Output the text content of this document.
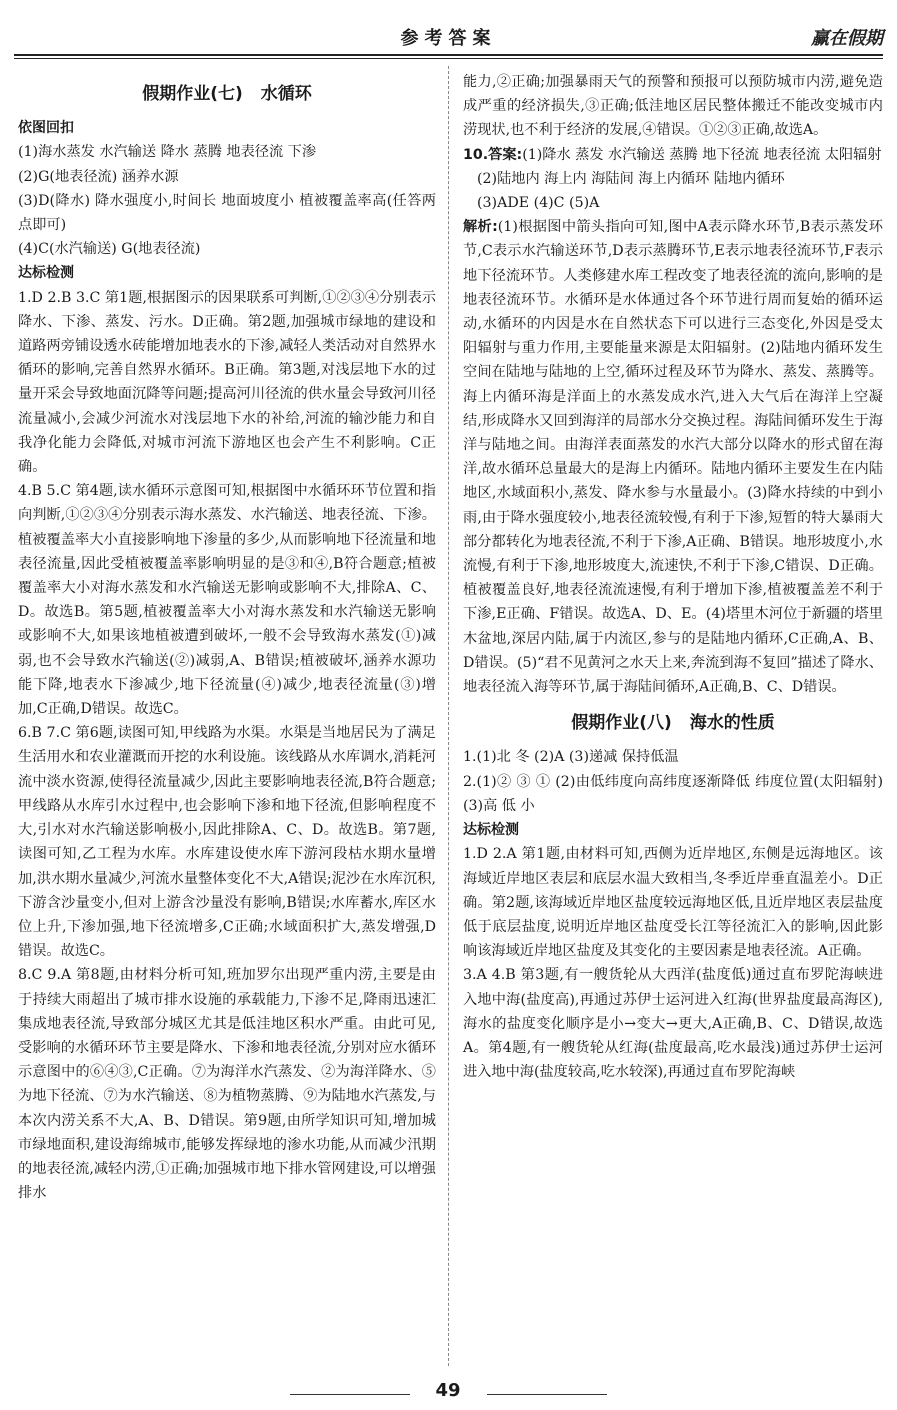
参考答案	赢在假期
假期作业(七) 水循环
依图回扣
(1)海水蒸发 水汽输送 降水 蒸腾 地表径流 下渗
(2)G(地表径流) 涵养水源
(3)D(降水) 降水强度小,时间长 地面坡度小 植被覆盖率高(任答两点即可)
(4)C(水汽输送) G(地表径流)
达标检测
1.D 2.B 3.C 第1题,根据图示的因果联系可判断,①②③④分别表示降水、下渗、蒸发、污水。D正确。第2题,加强城市绿地的建设和道路两旁铺设透水砖能增加地表水的下渗,减轻人类活动对自然界水循环的影响,完善自然界水循环。B正确。第3题,对浅层地下水的过量开采会导致地面沉降等问题;提高河川径流的供水量会导致河川径流量减小,会减少河流水对浅层地下水的补给,河流的输沙能力和自我净化能力会降低,对城市河流下游地区也会产生不利影响。C正确。
4.B 5.C 第4题,读水循环示意图可知,根据图中水循环环节位置和指向判断,①②③④分别表示海水蒸发、水汽输送、地表径流、下渗。植被覆盖率大小直接影响地下渗量的多少,从而影响地下径流量和地表径流量,因此受植被覆盖率影响明显的是③和④,B符合题意;植被覆盖率大小对海水蒸发和水汽输送无影响或影响不大,排除A、C、D。故选B。第5题,植被覆盖率大小对海水蒸发和水汽输送无影响或影响不大,如果该地植被遭到破坏,一般不会导致海水蒸发(①)减弱,也不会导致水汽输送(②)减弱,A、B错误;植被破坏,涵养水源功能下降,地表水下渗减少,地下径流量(④)减少,地表径流量(③)增加,C正确,D错误。故选C。
6.B 7.C 第6题,读图可知,甲线路为水渠。水渠是当地居民为了满足生活用水和农业灌溉而开挖的水利设施。该线路从水库调水,消耗河流中淡水资源,使得径流量减少,因此主要影响地表径流,B符合题意;甲线路从水库引水过程中,也会影响下渗和地下径流,但影响程度不大,引水对水汽输送影响极小,因此排除A、C、D。故选B。第7题,读图可知,乙工程为水库。水库建设使水库下游河段枯水期水量增加,洪水期水量减少,河流水量整体变化不大,A错误;泥沙在水库沉积,下游含沙量变小,但对上游含沙量没有影响,B错误;水库蓄水,库区水位上升,下渗加强,地下径流增多,C正确;水域面积扩大,蒸发增强,D错误。故选C。
8.C 9.A 第8题,由材料分析可知,班加罗尔出现严重内涝,主要是由于持续大雨超出了城市排水设施的承载能力,下渗不足,降雨迅速汇集成地表径流,导致部分城区尤其是低洼地区积水严重。由此可见,受影响的水循环环节主要是降水、下渗和地表径流,分别对应水循环示意图中的⑥④③,C正确。⑦为海洋水汽蒸发、②为海洋降水、⑤为地下径流、⑦为水汽输送、⑧为植物蒸腾、⑨为陆地水汽蒸发,与本次内涝关系不大,A、B、D错误。第9题,由所学知识可知,增加城市绿地面积,建设海绵城市,能够发挥绿地的渗水功能,从而减少汛期的地表径流,减轻内涝,①正确;加强城市地下排水管网建设,可以增强排水
能力,②正确;加强暴雨天气的预警和预报可以预防城市内涝,避免造成严重的经济损失,③正确;低洼地区居民整体搬迁不能改变城市内涝现状,也不利于经济的发展,④错误。①②③正确,故选A。
10.答案:(1)降水 蒸发 水汽输送 蒸腾 地下径流 地表径流 太阳辐射
(2)陆地内 海上内 海陆间 海上内循环 陆地内循环
(3)ADE (4)C (5)A
解析:(1)根据图中箭头指向可知,图中A表示降水环节,B表示蒸发环节,C表示水汽输送环节,D表示蒸腾环节,E表示地表径流环节,F表示地下径流环节。人类修建水库工程改变了地表径流的流向,影响的是地表径流环节。水循环是水体通过各个环节进行周而复始的循环运动,水循环的内因是水在自然状态下可以进行三态变化,外因是受太阳辐射与重力作用,主要能量来源是太阳辐射。(2)陆地内循环发生空间在陆地与陆地的上空,循环过程及环节为降水、蒸发、蒸腾等。海上内循环海是洋面上的水蒸发成水汽,进入大气后在海洋上空凝结,形成降水又回到海洋的局部水分交换过程。海陆间循环发生于海洋与陆地之间。由海洋表面蒸发的水汽大部分以降水的形式留在海洋,故水循环总量最大的是海上内循环。陆地内循环主要发生在内陆地区,水域面积小,蒸发、降水参与水量最小。(3)降水持续的中到小雨,由于降水强度较小,地表径流较慢,有利于下渗,短暂的特大暴雨大部分都转化为地表径流,不利于下渗,A正确、B错误。地形坡度小,水流慢,有利于下渗,地形坡度大,流速快,不利于下渗,C错误、D正确。植被覆盖良好,地表径流流速慢,有利于增加下渗,植被覆盖差不利于下渗,E正确、F错误。故选A、D、E。(4)塔里木河位于新疆的塔里木盆地,深居内陆,属于内流区,参与的是陆地内循环,C正确,A、B、D错误。(5)“君不见黄河之水天上来,奔流到海不复回”描述了降水、地表径流入海等环节,属于海陆间循环,A正确,B、C、D错误。
假期作业(八) 海水的性质
1.(1)北 冬 (2)A (3)递减 保持低温
2.(1)② ③ ① (2)由低纬度向高纬度逐渐降低 纬度位置(太阳辐射) (3)高 低 小
达标检测
1.D 2.A 第1题,由材料可知,西侧为近岸地区,东侧是远海地区。该海域近岸地区表层和底层水温大致相当,冬季近岸垂直温差小。D正确。第2题,该海域近岸地区盐度较远海地区低,且近岸地区表层盐度低于底层盐度,说明近岸地区盐度受长江等径流汇入的影响,因此影响该海域近岸地区盐度及其变化的主要因素是地表径流。A正确。
3.A 4.B 第3题,有一艘货轮从大西洋(盐度低)通过直布罗陀海峡进入地中海(盐度高),再通过苏伊士运河进入红海(世界盐度最高海区),海水的盐度变化顺序是小→变大→更大,A正确,B、C、D错误,故选A。第4题,有一艘货轮从红海(盐度最高,吃水最浅)通过苏伊士运河进入地中海(盐度较高,吃水较深),再通过直布罗陀海峡
49
